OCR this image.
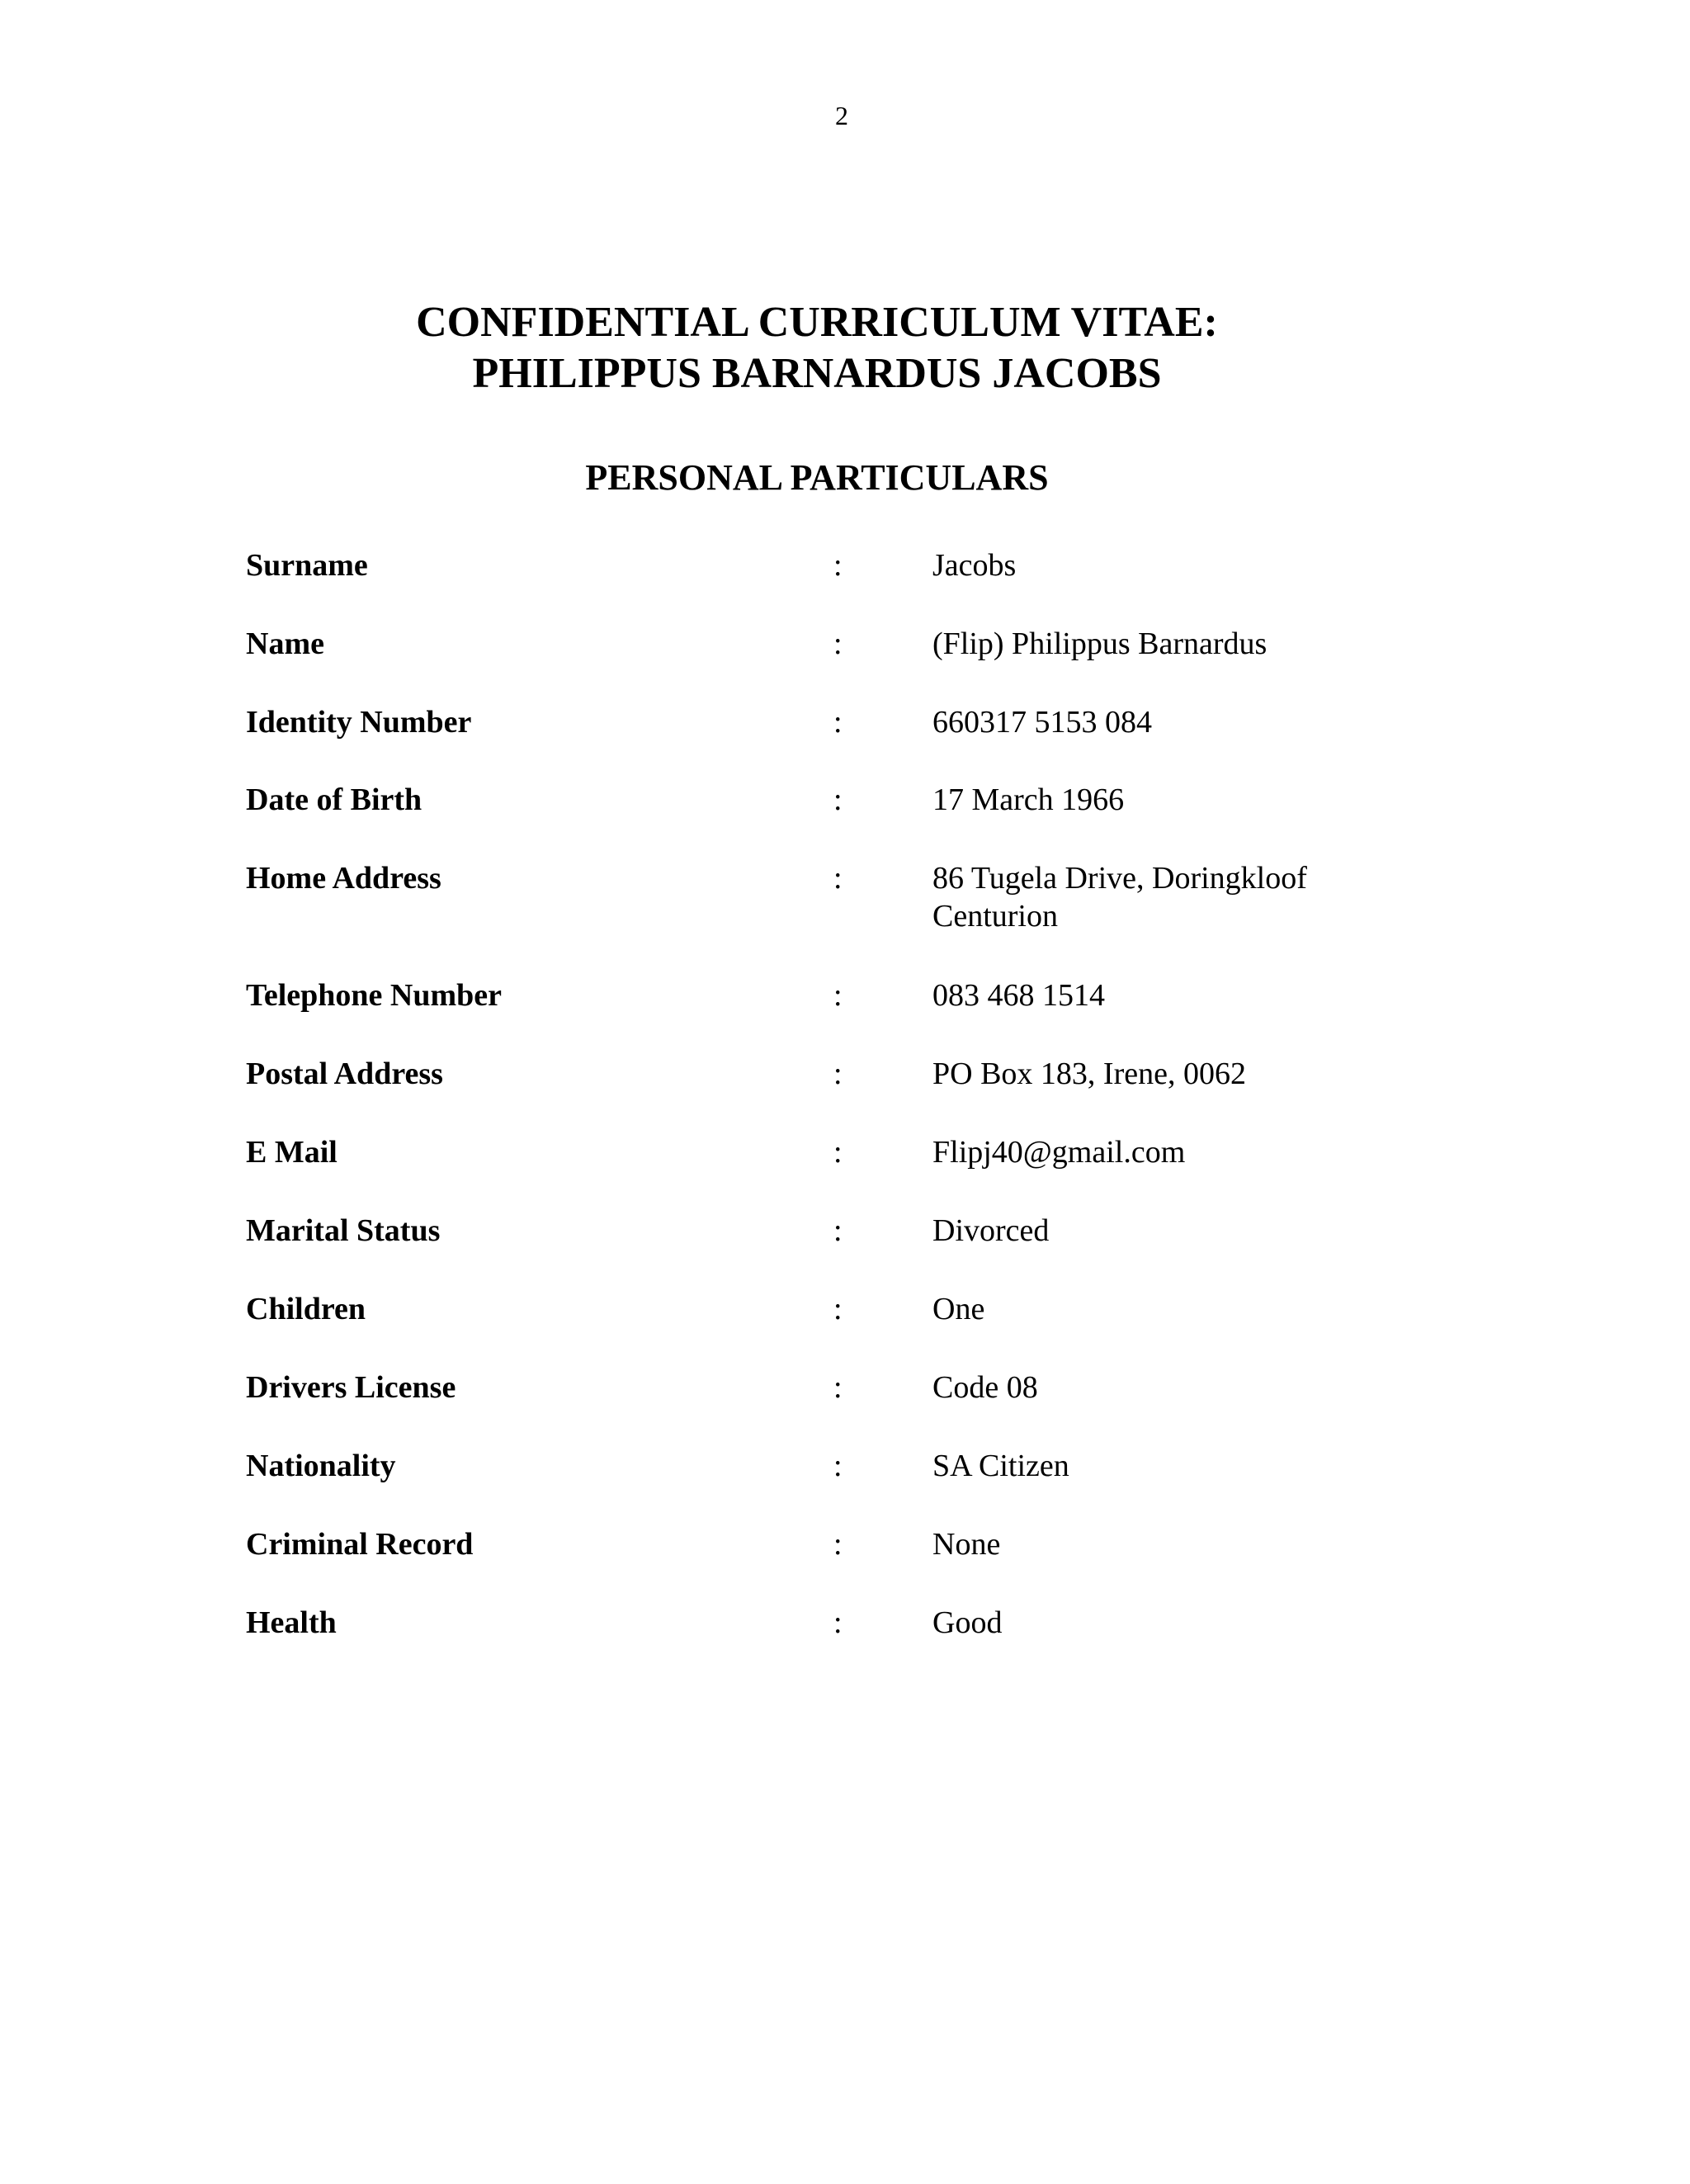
2
CONFIDENTIAL CURRICULUM VITAE:
PHILIPPUS BARNARDUS JACOBS
PERSONAL PARTICULARS
Surname	:	Jacobs
Name	:	(Flip) Philippus Barnardus
Identity Number	:	660317 5153 084
Date of Birth	:	17 March 1966
Home Address	:	86 Tugela Drive, Doringkloof
Centurion
Telephone Number	:	083 468 1514
Postal Address	:	PO Box 183, Irene, 0062
E Mail	:	Flipj40@gmail.com
Marital Status	:	Divorced
Children	:	One
Drivers License	:	Code 08
Nationality	:	SA Citizen
Criminal Record	:	None
Health	:	Good
